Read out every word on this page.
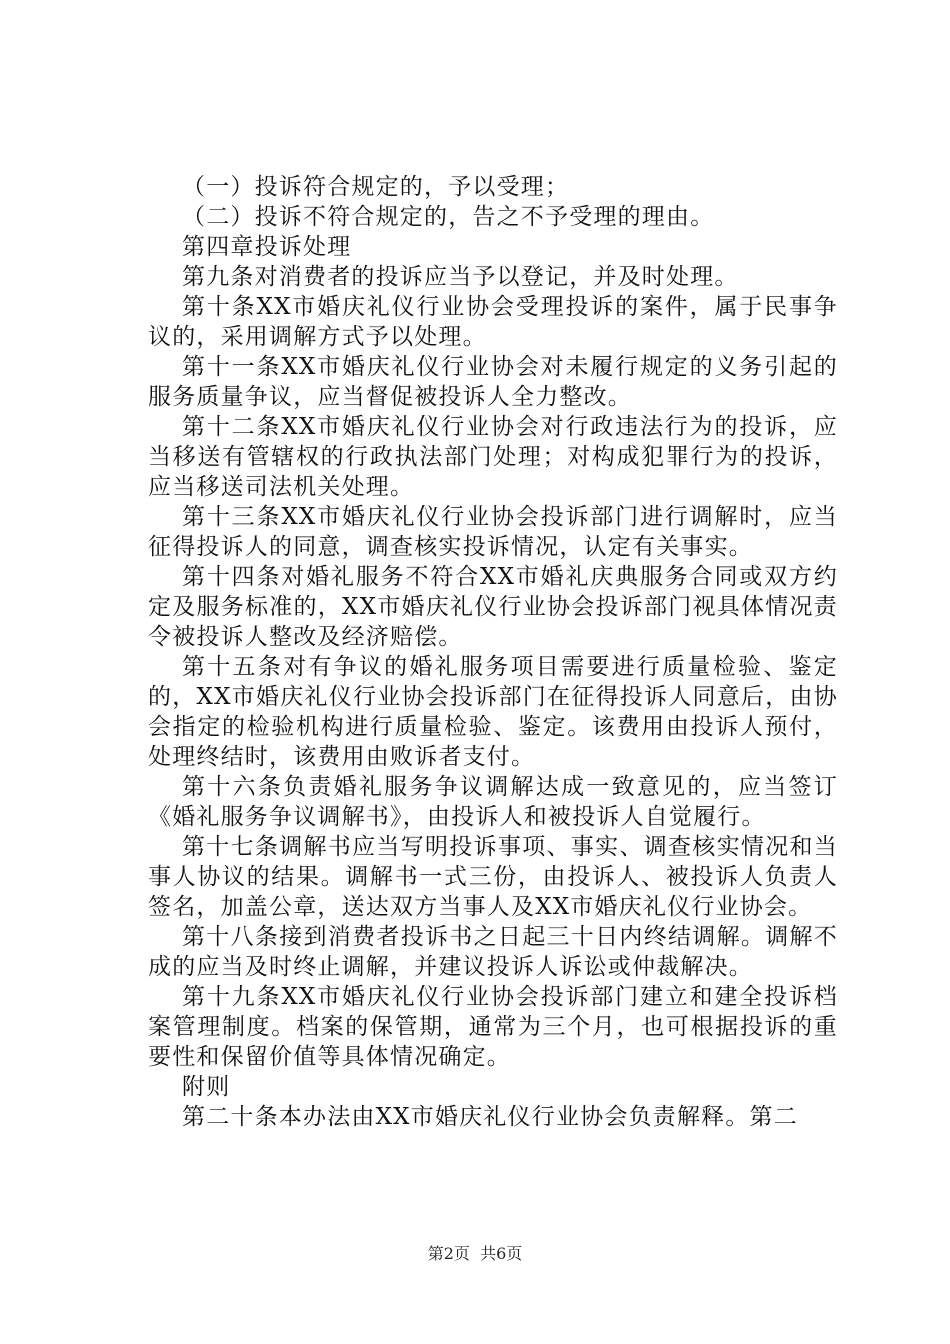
（一）投诉符合规定的，予以受理；

（二）投诉不符合规定的，告之不予受理的理由。

第四章投诉处理

第九条对消费者的投诉应当予以登记，并及时处理。

第十条XX市婚庆礼仪行业协会受理投诉的案件，属于民事争议的，采用调解方式予以处理。

第十一条XX市婚庆礼仪行业协会对未履行规定的义务引起的服务质量争议，应当督促被投诉人全力整改。

第十二条XX市婚庆礼仪行业协会对行政违法行为的投诉，应当移送有管辖权的行政执法部门处理；对构成犯罪行为的投诉，应当移送司法机关处理。

第十三条XX市婚庆礼仪行业协会投诉部门进行调解时，应当征得投诉人的同意，调查核实投诉情况，认定有关事实。

第十四条对婚礼服务不符合XX市婚礼庆典服务合同或双方约定及服务标准的，XX市婚庆礼仪行业协会投诉部门视具体情况责令被投诉人整改及经济赔偿。

第十五条对有争议的婚礼服务项目需要进行质量检验、鉴定的，XX市婚庆礼仪行业协会投诉部门在征得投诉人同意后，由协会指定的检验机构进行质量检验、鉴定。该费用由投诉人预付，处理终结时，该费用由败诉者支付。

第十六条负责婚礼服务争议调解达成一致意见的，应当签订《婚礼服务争议调解书》，由投诉人和被投诉人自觉履行。

第十七条调解书应当写明投诉事项、事实、调查核实情况和当事人协议的结果。调解书一式三份，由投诉人、被投诉人负责人签名，加盖公章，送达双方当事人及XX市婚庆礼仪行业协会。

第十八条接到消费者投诉书之日起三十日内终结调解。调解不成的应当及时终止调解，并建议投诉人诉讼或仲裁解决。

第十九条XX市婚庆礼仪行业协会投诉部门建立和建全投诉档案管理制度。档案的保管期，通常为三个月，也可根据投诉的重要性和保留价值等具体情况确定。

附则

第二十条本办法由XX市婚庆礼仪行业协会负责解释。第二

第2页  共6页
